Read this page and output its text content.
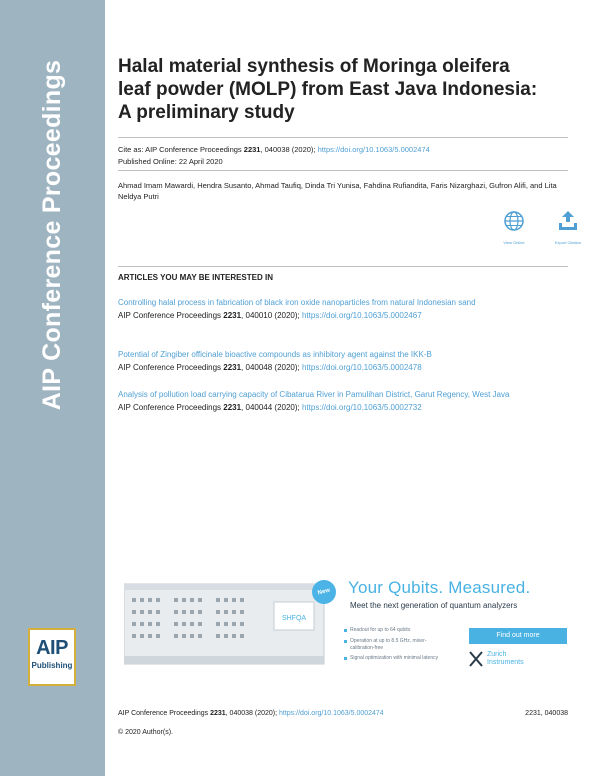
AIP Conference Proceedings
AIP
Publishing
Halal material synthesis of Moringa oleifera leaf powder (MOLP) from East Java Indonesia: A preliminary study
Cite as: AIP Conference Proceedings 2231, 040038 (2020); https://doi.org/10.1063/5.0002474
Published Online: 22 April 2020
Ahmad Imam Mawardi, Hendra Susanto, Ahmad Taufiq, Dinda Tri Yunisa, Fahdina Rufiandita, Faris Nizarghazi, Gufron Alifi, and Lita Neldya Putri
View Online	Export Citation
ARTICLES YOU MAY BE INTERESTED IN
Controlling halal process in fabrication of black iron oxide nanoparticles from natural Indonesian sand
AIP Conference Proceedings 2231, 040010 (2020); https://doi.org/10.1063/5.0002467
Potential of Zingiber officinale bioactive compounds as inhibitory agent against the IKK-B
AIP Conference Proceedings 2231, 040048 (2020); https://doi.org/10.1063/5.0002478
Analysis of pollution load carrying capacity of Cibatarua River in Pamulihan District, Garut Regency, West Java
AIP Conference Proceedings 2231, 040044 (2020); https://doi.org/10.1063/5.0002732
SHFQA
New	Your Qubits. Measured.
Meet the next generation of quantum analyzers
Readout for up to 64 qubits
Operation at up to 8.5 GHz, mixer-calibration-free
Signal optimization with minimal latency
Find out more
Zurich
Instruments
AIP Conference Proceedings 2231, 040038 (2020); https://doi.org/10.1063/5.0002474	2231, 040038
© 2020 Author(s).
